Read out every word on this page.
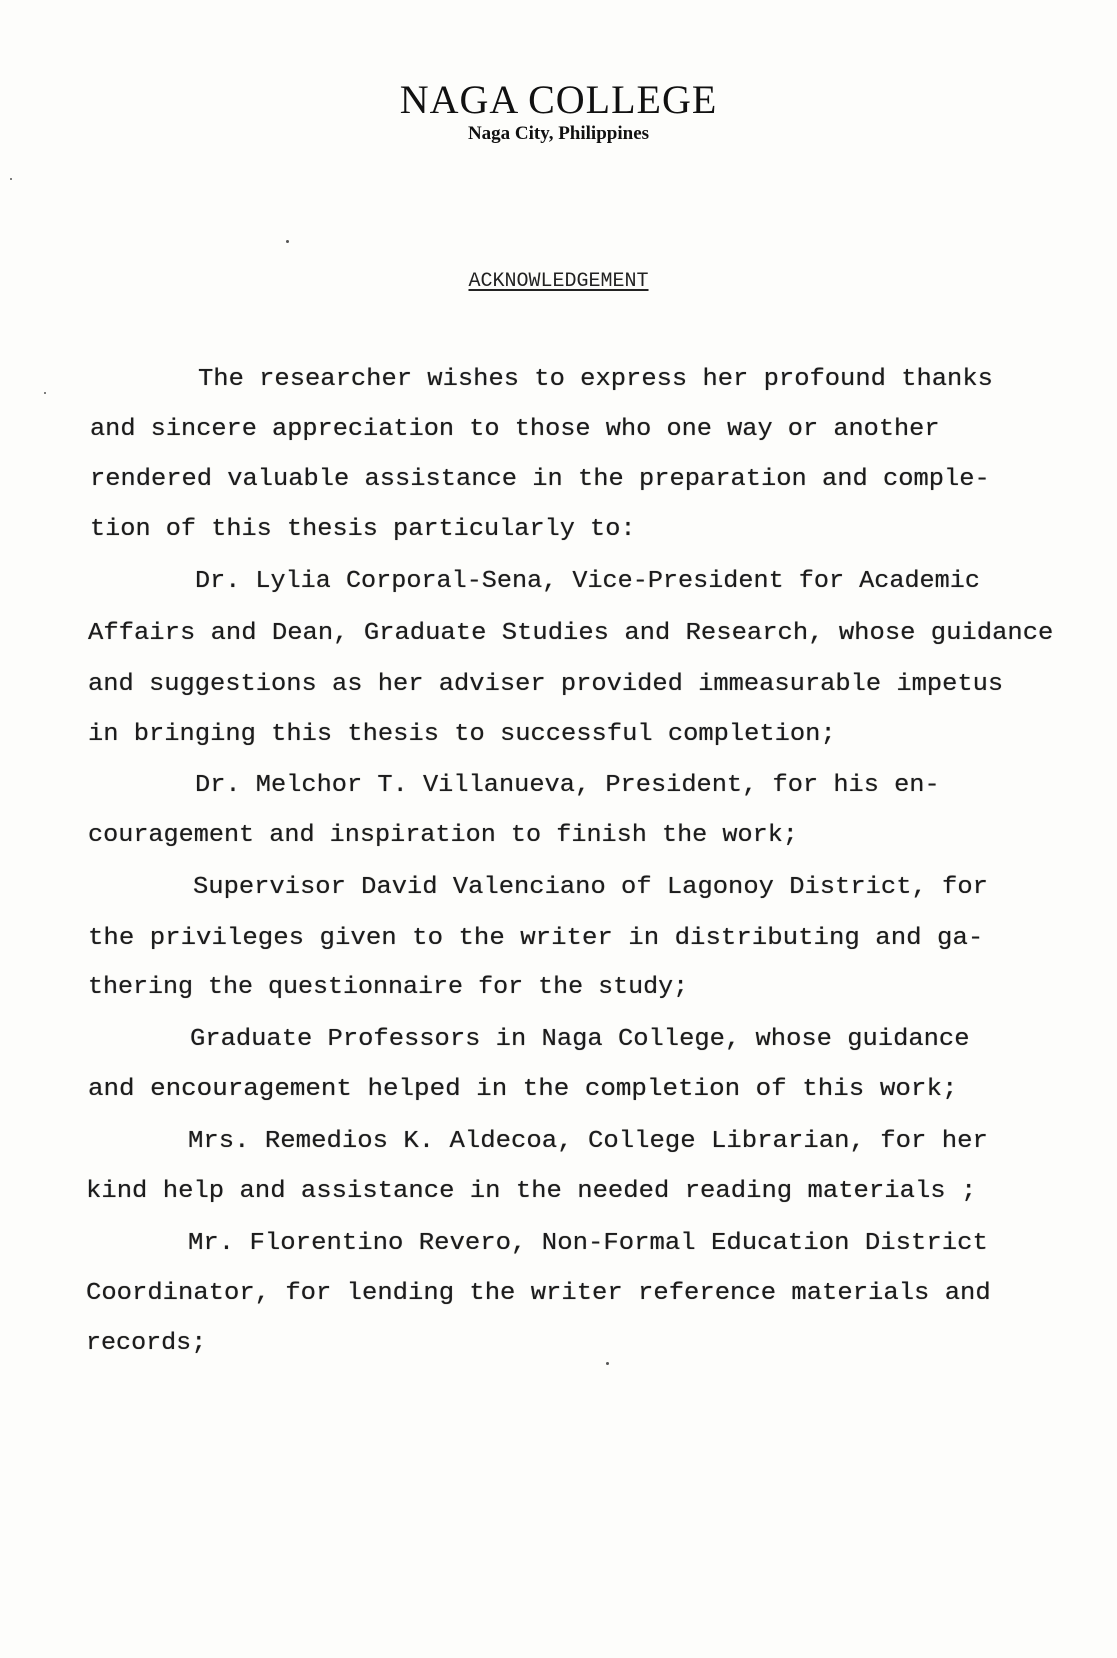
NAGA COLLEGE
Naga City, Philippines
ACKNOWLEDGEMENT
The researcher wishes to express her profound thanks
and sincere appreciation to those who one way or another
rendered valuable assistance in the preparation and comple-
tion of this thesis particularly to:
Dr. Lylia Corporal-Sena, Vice-President for Academic
Affairs and Dean, Graduate Studies and Research, whose guidance
and suggestions as her adviser provided immeasurable impetus
in bringing this thesis to successful completion;
Dr. Melchor T. Villanueva, President, for his en-
couragement and inspiration to finish the work;
Supervisor David Valenciano of Lagonoy District, for
the privileges given to the writer in distributing and ga-
thering the questionnaire for the study;
Graduate Professors in Naga College, whose guidance
and encouragement helped in the completion of this work;
Mrs. Remedios K. Aldecoa, College Librarian, for her
kind help and assistance in the needed reading materials ;
Mr. Florentino Revero, Non-Formal Education District
Coordinator, for lending the writer reference materials and
records;
